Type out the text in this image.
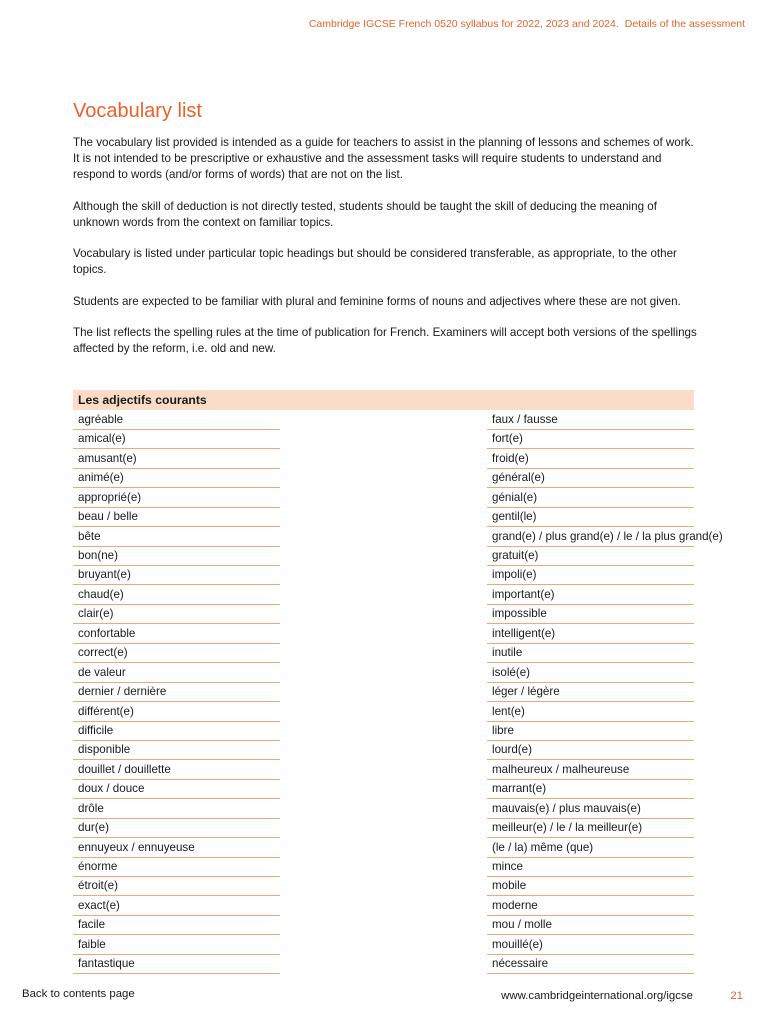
Cambridge IGCSE French 0520 syllabus for 2022, 2023 and 2024. Details of the assessment
Vocabulary list

The vocabulary list provided is intended as a guide for teachers to assist in the planning of lessons and schemes of work. It is not intended to be prescriptive or exhaustive and the assessment tasks will require students to understand and respond to words (and/or forms of words) that are not on the list.

Although the skill of deduction is not directly tested, students should be taught the skill of deducing the meaning of unknown words from the context on familiar topics.

Vocabulary is listed under particular topic headings but should be considered transferable, as appropriate, to the other topics.

Students are expected to be familiar with plural and feminine forms of nouns and adjectives where these are not given.

The list reflects the spelling rules at the time of publication for French. Examiners will accept both versions of the spellings affected by the reform, i.e. old and new.

Les adjectifs courants		
agréable		faux / fausse
amical(e)		fort(e)
amusant(e)		froid(e)
animé(e)		général(e)
approprié(e)		génial(e)
beau / belle		gentil(le)
bête		grand(e) / plus grand(e) / le / la plus grand(e)
bon(ne)		gratuit(e)
bruyant(e)		impoli(e)
chaud(e)		important(e)
clair(e)		impossible
confortable		intelligent(e)
correct(e)		inutile
de valeur		isolé(e)
dernier / dernière		léger / légère
différent(e)		lent(e)
difficile		libre
disponible		lourd(e)
douillet / douillette		malheureux / malheureuse
doux / douce		marrant(e)
drôle		mauvais(e) / plus mauvais(e)
dur(e)		meilleur(e) / le / la meilleur(e)
ennuyeux / ennuyeuse		(le / la) même (que)
énorme		mince
étroit(e)		mobile
exact(e)		moderne
facile		mou / molle
faible		mouillé(e)
fantastique		nécessaire
Back to contents page	www.cambridgeinternational.org/igcse	21
